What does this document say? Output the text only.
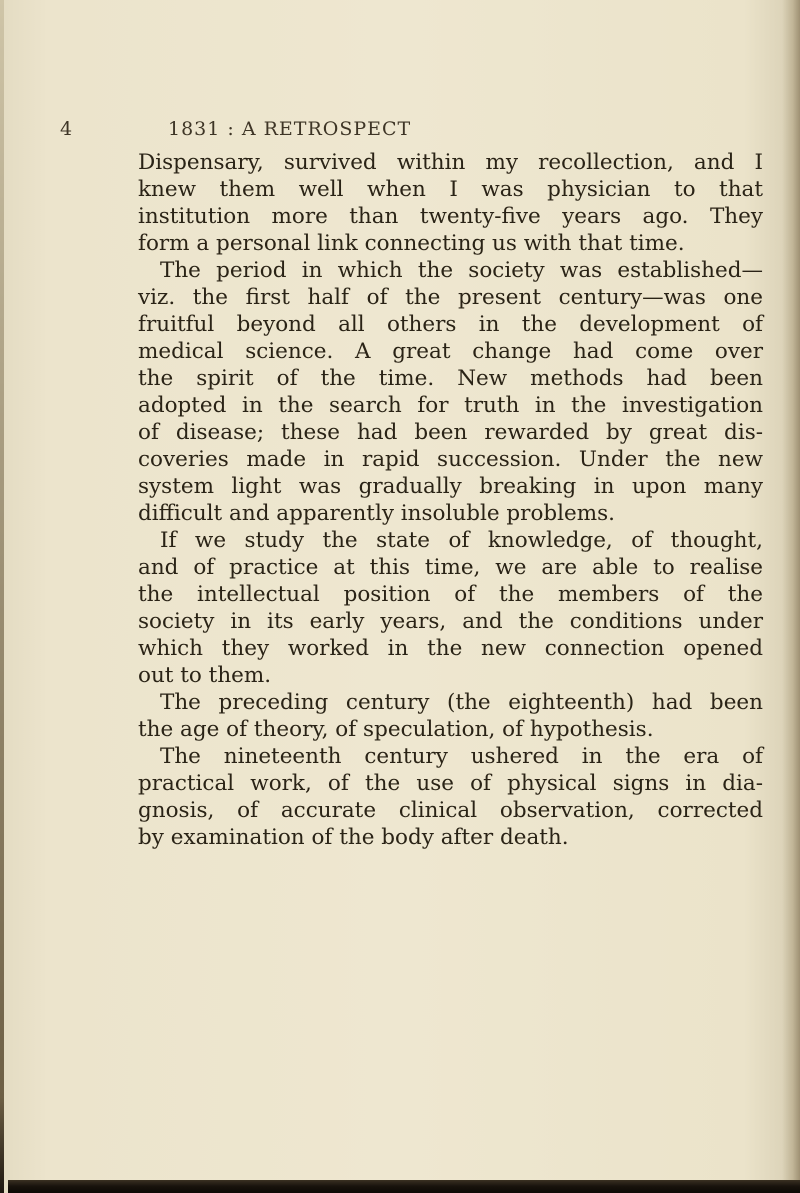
4	1831 : A RETROSPECT
Dispensary, survived within my recollection, and I
knew them well when I was physician to that
institution more than twenty-five years ago. They
form a personal link connecting us with that time.
The period in which the society was established—
viz. the first half of the present century—was one
fruitful beyond all others in the development of
medical science. A great change had come over
the spirit of the time. New methods had been
adopted in the search for truth in the investigation
of disease; these had been rewarded by great dis-
coveries made in rapid succession. Under the new
system light was gradually breaking in upon many
difficult and apparently insoluble problems.
If we study the state of knowledge, of thought,
and of practice at this time, we are able to realise
the intellectual position of the members of the
society in its early years, and the conditions under
which they worked in the new connection opened
out to them.
The preceding century (the eighteenth) had been
the age of theory, of speculation, of hypothesis.
The nineteenth century ushered in the era of
practical work, of the use of physical signs in dia-
gnosis, of accurate clinical observation, corrected
by examination of the body after death.
